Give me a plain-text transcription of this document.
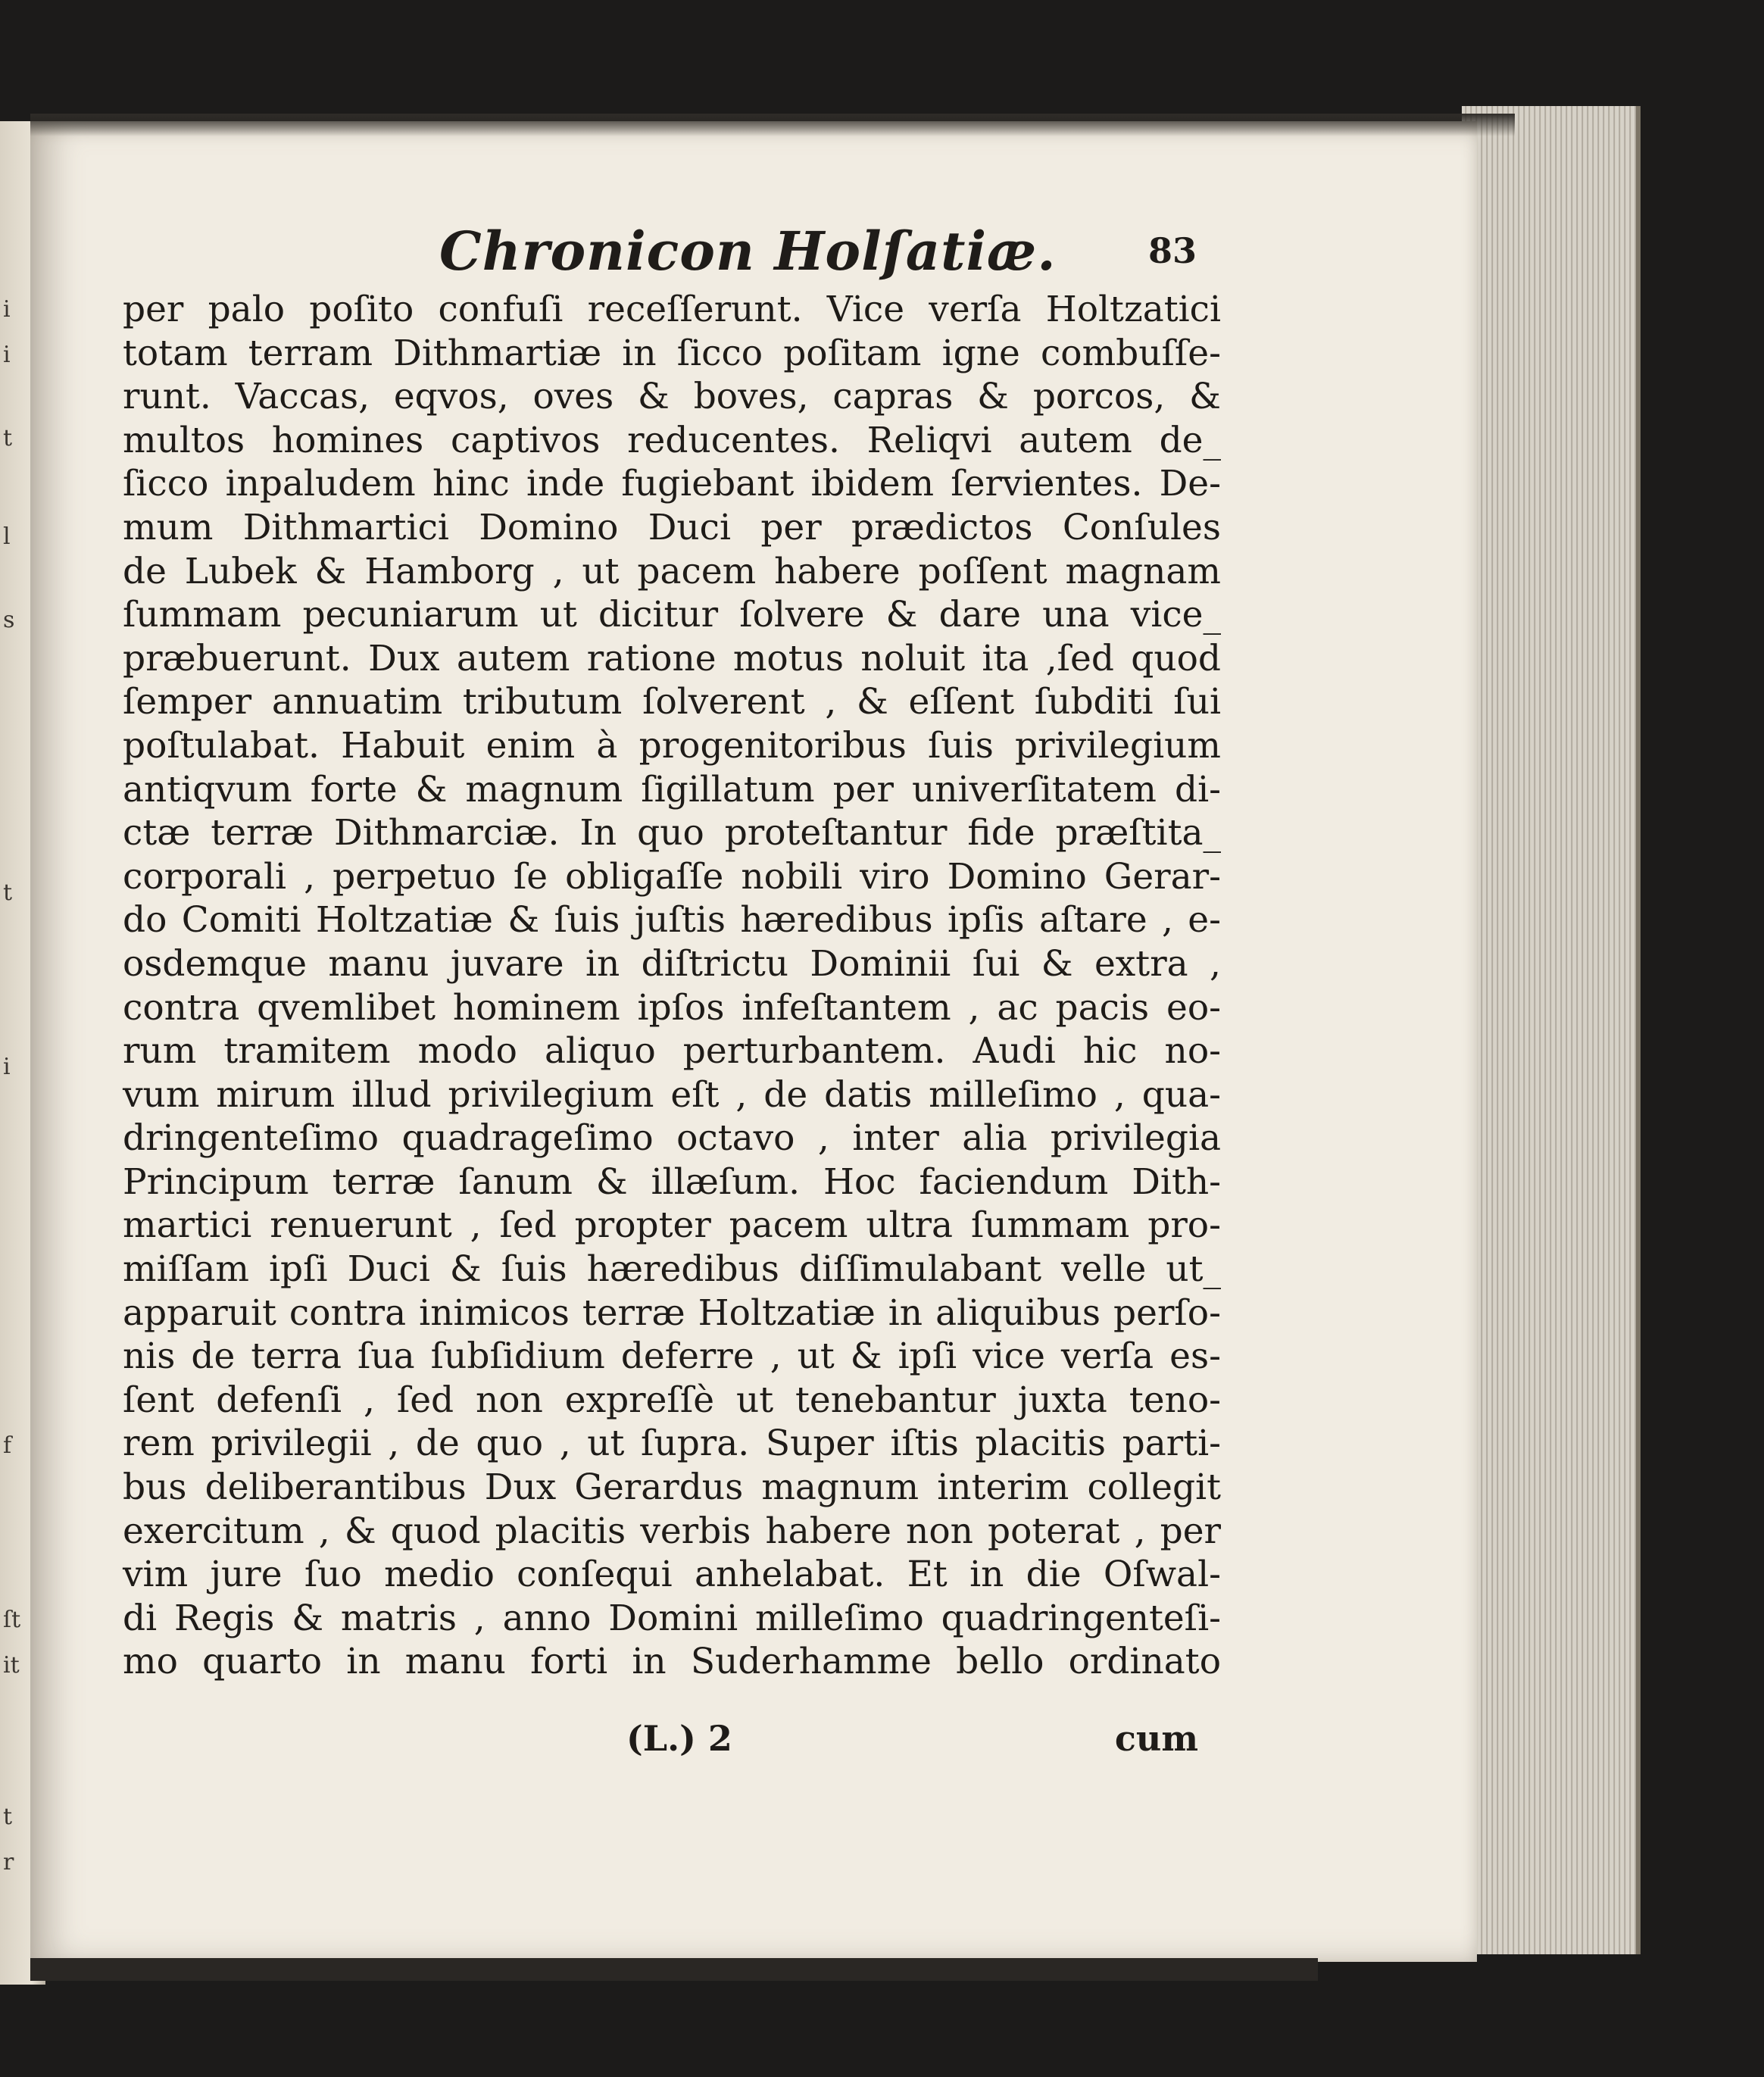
i
i
t
l
s
t
i
f
ſt
it
t
r
Chronicon Holſatiæ.	83
per palo poſito confuſi receſſerunt. Vice verſa Holtzatici
totam terram Dithmartiæ in ſicco poſitam igne combuſſe-
runt. Vaccas, eqvos, oves & boves, capras & porcos, &
multos homines captivos reducentes. Reliqvi autem de_
ſicco inpaludem hinc inde fugiebant ibidem ſervientes. De-
mum Dithmartici Domino Duci per prædictos Conſules
de Lubek & Hamborg , ut pacem habere poſſent magnam
ſummam pecuniarum ut dicitur ſolvere & dare una vice_
præbuerunt. Dux autem ratione motus noluit ita ,ſed quod
ſemper annuatim tributum ſolverent , & eſſent ſubditi ſui
poſtulabat. Habuit enim à progenitoribus ſuis privilegium
antiqvum forte & magnum ſigillatum per univerſitatem di-
ctæ terræ Dithmarciæ. In quo proteſtantur fide præſtita_
corporali , perpetuo ſe obligaſſe nobili viro Domino Gerar-
do Comiti Holtzatiæ & ſuis juſtis hæredibus ipſis aſtare , e-
osdemque manu juvare in diſtrictu Dominii ſui & extra ,
contra qvemlibet hominem ipſos infeſtantem , ac pacis eo-
rum tramitem modo aliquo perturbantem. Audi hic no-
vum mirum illud privilegium eſt , de datis milleſimo , qua-
dringenteſimo quadrageſimo octavo , inter alia privilegia
Principum terræ ſanum & illæſum. Hoc faciendum Dith-
martici renuerunt , ſed propter pacem ultra ſummam pro-
miſſam ipſi Duci & ſuis hæredibus diſſimulabant velle ut_
apparuit contra inimicos terræ Holtzatiæ in aliquibus perſo-
nis de terra ſua ſubſidium deferre , ut & ipſi vice verſa es-
ſent defenſi , ſed non expreſſè ut tenebantur juxta teno-
rem privilegii , de quo , ut ſupra. Super iſtis placitis parti-
bus deliberantibus Dux Gerardus magnum interim collegit
exercitum , & quod placitis verbis habere non poterat , per
vim jure ſuo medio conſequi anhelabat. Et in die Oſwal-
di Regis & matris , anno Domini milleſimo quadringenteſi-
mo quarto in manu forti in Suderhamme bello ordinato
(L.) 2	cum
